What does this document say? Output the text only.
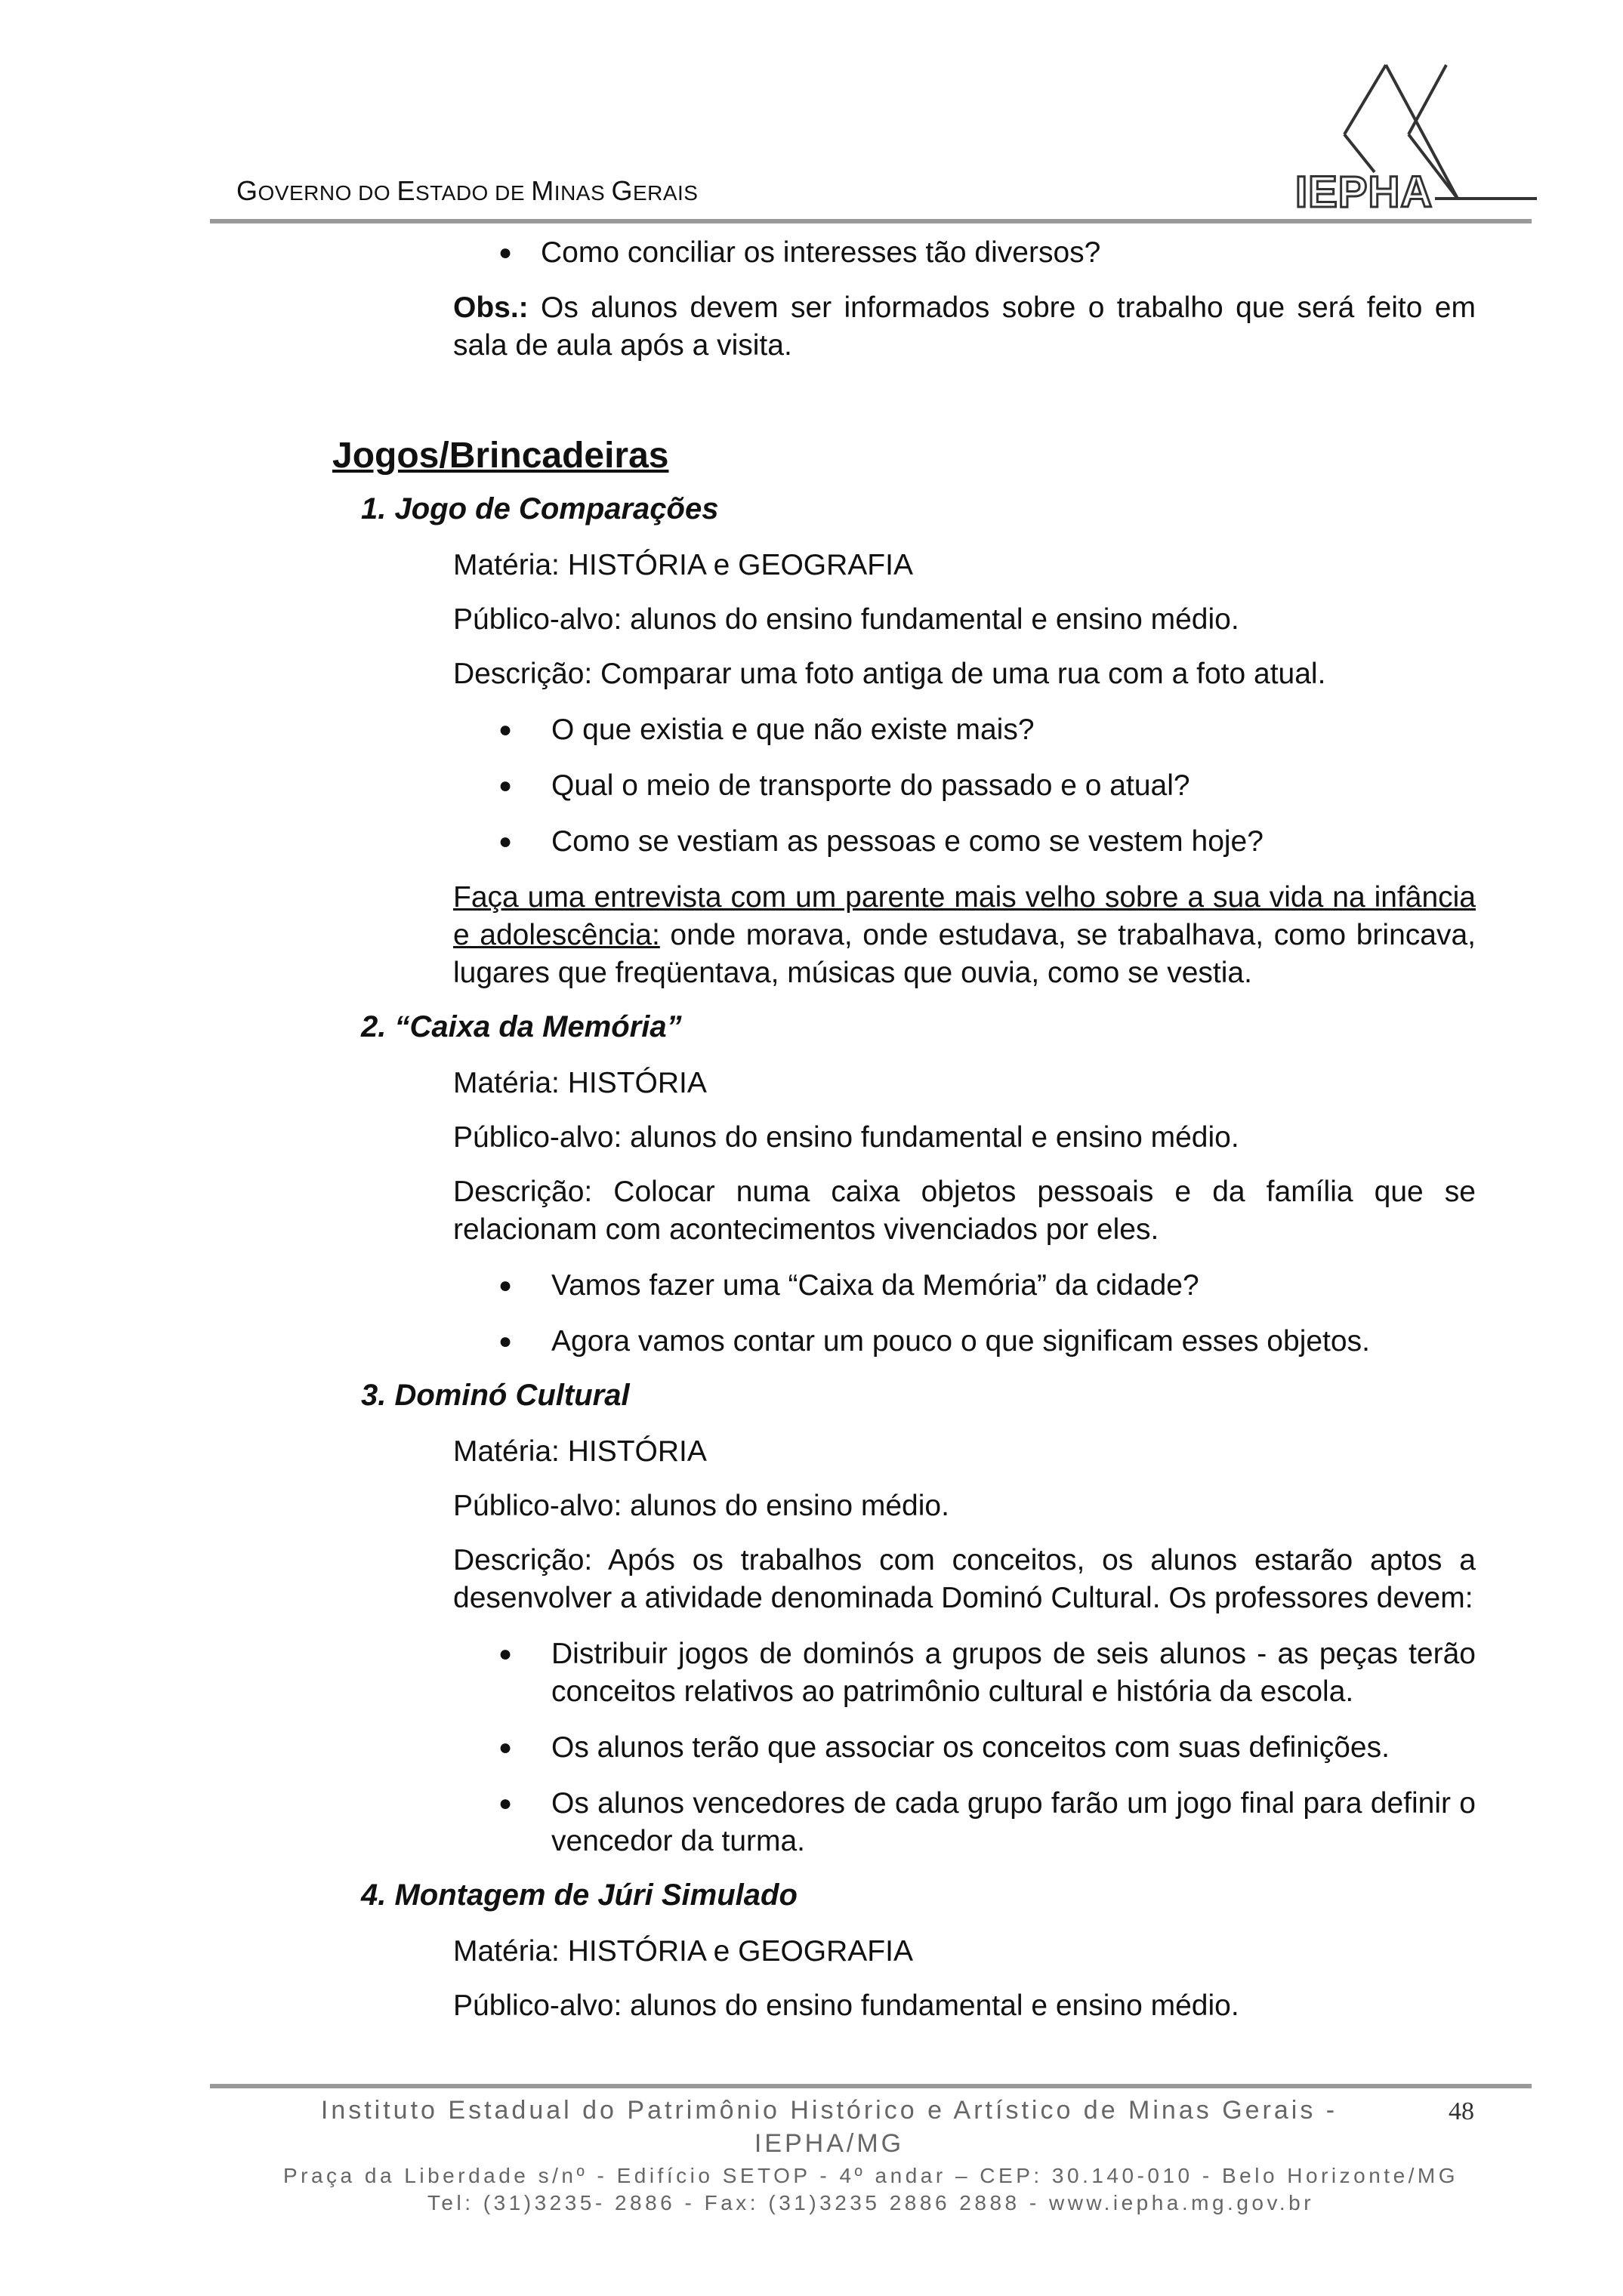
GOVERNO DO ESTADO DE MINAS GERAIS	IEPHA
● Como conciliar os interesses tão diversos?
Obs.: Os alunos devem ser informados sobre o trabalho que será feito em sala de aula após a visita.
Jogos/Brincadeiras
1. Jogo de Comparações
Matéria: HISTÓRIA e GEOGRAFIA
Público-alvo: alunos do ensino fundamental e ensino médio.
Descrição: Comparar uma foto antiga de uma rua com a foto atual.
● O que existia e que não existe mais?
● Qual o meio de transporte do passado e o atual?
● Como se vestiam as pessoas e como se vestem hoje?
Faça uma entrevista com um parente mais velho sobre a sua vida na infância e adolescência: onde morava, onde estudava, se trabalhava, como brincava, lugares que freqüentava, músicas que ouvia, como se vestia.
2. “Caixa da Memória”
Matéria: HISTÓRIA
Público-alvo: alunos do ensino fundamental e ensino médio.
Descrição: Colocar numa caixa objetos pessoais e da família que se relacionam com acontecimentos vivenciados por eles.
● Vamos fazer uma “Caixa da Memória” da cidade?
● Agora vamos contar um pouco o que significam esses objetos.
3. Dominó Cultural
Matéria: HISTÓRIA
Público-alvo: alunos do ensino médio.
Descrição: Após os trabalhos com conceitos, os alunos estarão aptos a desenvolver a atividade denominada Dominó Cultural. Os professores devem:
● Distribuir jogos de dominós a grupos de seis alunos - as peças terão conceitos relativos ao patrimônio cultural e história da escola.
● Os alunos terão que associar os conceitos com suas definições.
● Os alunos vencedores de cada grupo farão um jogo final para definir o vencedor da turma.
4. Montagem de Júri Simulado
Matéria: HISTÓRIA e GEOGRAFIA
Público-alvo: alunos do ensino fundamental e ensino médio.
Instituto Estadual do Patrimônio Histórico e Artístico de Minas Gerais -
IEPHA/MG
Praça da Liberdade s/nº - Edifício SETOP - 4º andar – CEP: 30.140-010 - Belo Horizonte/MG
Tel: (31)3235- 2886 - Fax: (31)3235 2886 2888 - www.iepha.mg.gov.br
48
